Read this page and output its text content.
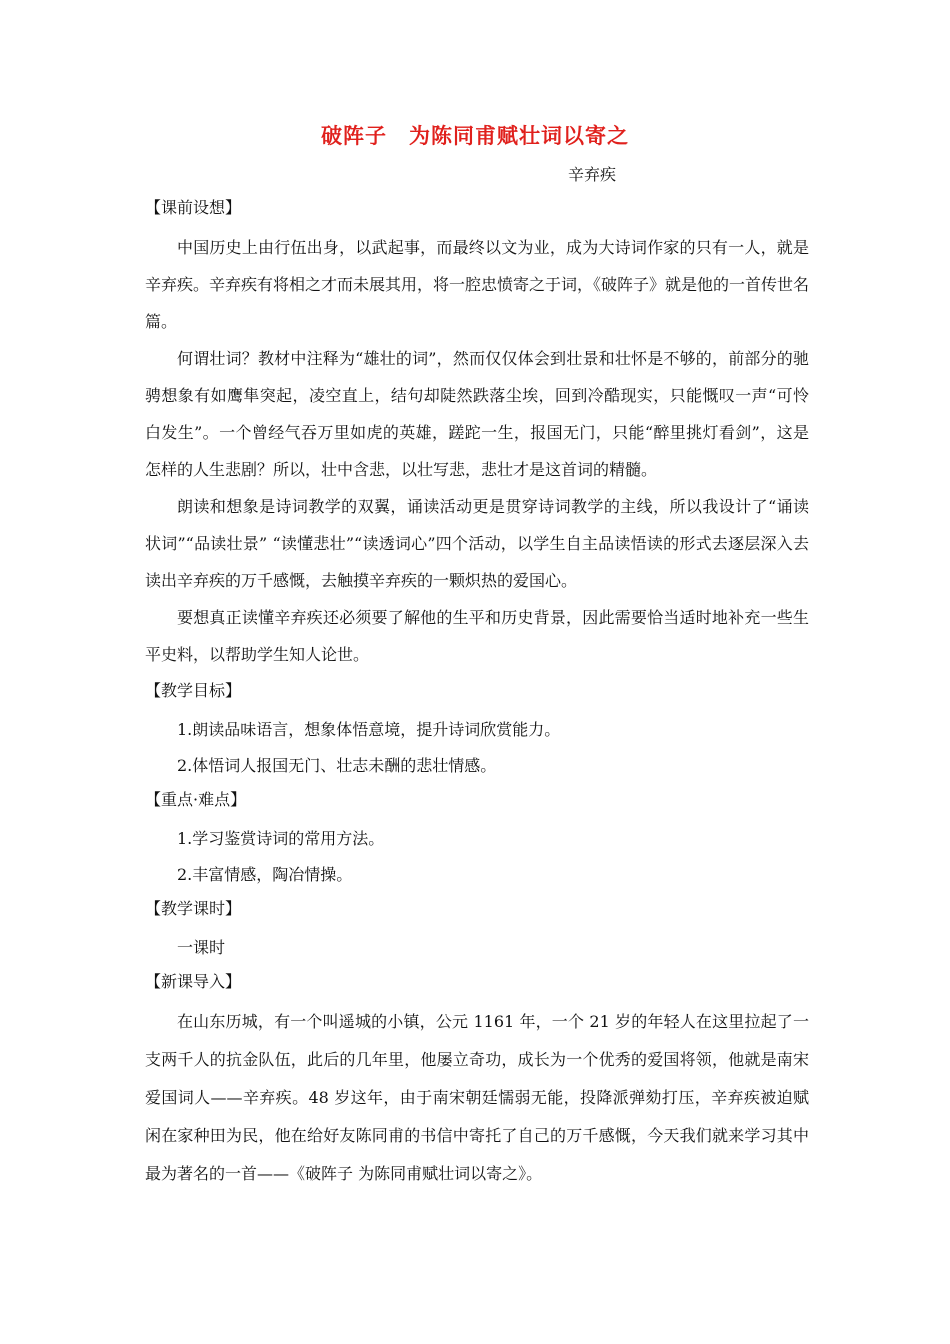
破阵子　为陈同甫赋壮词以寄之
辛弃疾
【课前设想】
中国历史上由行伍出身，以武起事，而最终以文为业，成为大诗词作家的只有一人，就是辛弃疾。辛弃疾有将相之才而未展其用，将一腔忠愤寄之于词，《破阵子》就是他的一首传世名篇。
何谓壮词？教材中注释为“雄壮的词”，然而仅仅体会到壮景和壮怀是不够的，前部分的驰骋想象有如鹰隼突起，凌空直上，结句却陡然跌落尘埃，回到冷酷现实，只能慨叹一声“可怜白发生”。一个曾经气吞万里如虎的英雄，蹉跎一生，报国无门，只能“醉里挑灯看剑”，这是怎样的人生悲剧？所以，壮中含悲，以壮写悲，悲壮才是这首词的精髓。
朗读和想象是诗词教学的双翼，诵读活动更是贯穿诗词教学的主线，所以我设计了“诵读状词”“品读壮景” “读懂悲壮”“读透词心”四个活动，以学生自主品读悟读的形式去逐层深入去读出辛弃疾的万千感慨，去触摸辛弃疾的一颗炽热的爱国心。
要想真正读懂辛弃疾还必须要了解他的生平和历史背景，因此需要恰当适时地补充一些生平史料，以帮助学生知人论世。
【教学目标】
1.朗读品味语言，想象体悟意境，提升诗词欣赏能力。
2.体悟词人报国无门、壮志未酬的悲壮情感。
【重点·难点】
1.学习鉴赏诗词的常用方法。
2.丰富情感，陶冶情操。
【教学课时】
一课时
【新课导入】
在山东历城，有一个叫遥城的小镇，公元 1161 年，一个 21 岁的年轻人在这里拉起了一支两千人的抗金队伍，此后的几年里，他屡立奇功，成长为一个优秀的爱国将领，他就是南宋爱国词人——辛弃疾。48 岁这年，由于南宋朝廷懦弱无能，投降派弹劾打压，辛弃疾被迫赋闲在家种田为民，他在给好友陈同甫的书信中寄托了自己的万千感慨，今天我们就来学习其中最为著名的一首——《破阵子 为陈同甫赋壮词以寄之》。
